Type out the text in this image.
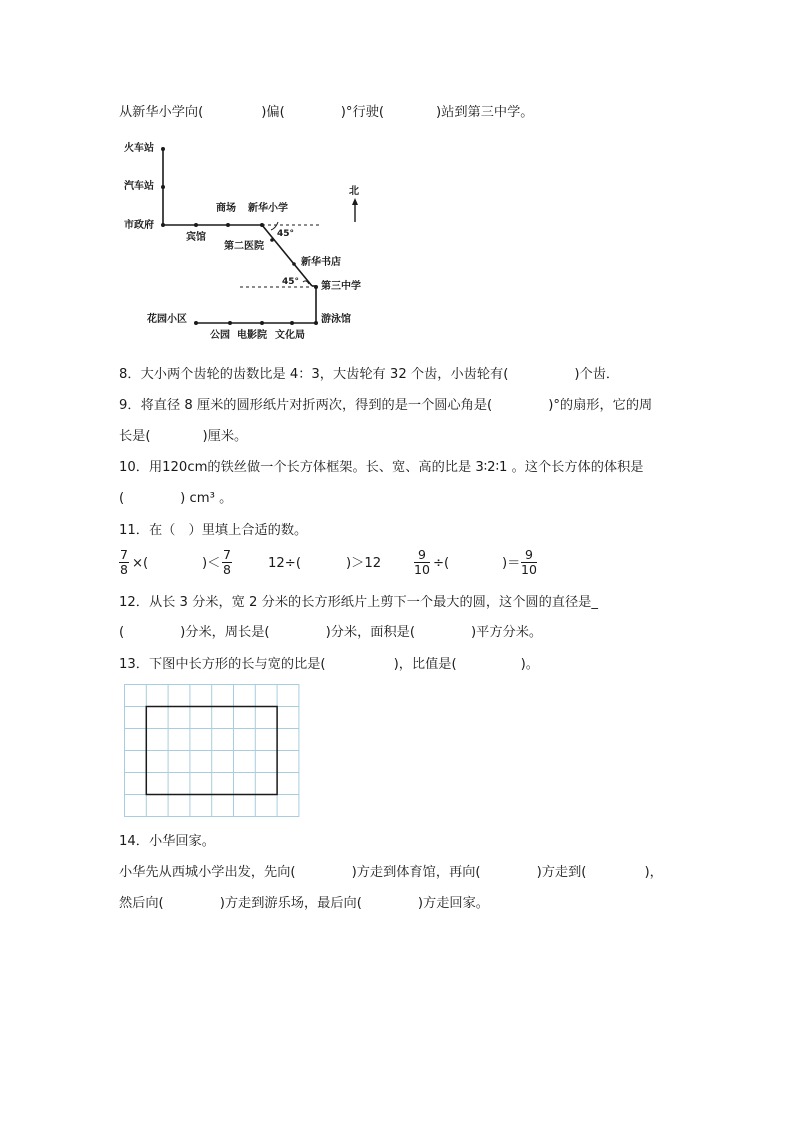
从新华小学向(	)偏(	)°行驶(	)站到第三中学。
火车站
汽车站
市政府
宾馆
商场 新华小学
第二医院
45°
新华书店
45° 第三中学
花园小区
公园 电影院 文化局
游泳馆
北
8．大小两个齿轮的齿数比是 4：3，大齿轮有 32 个齿，小齿轮有(	)个齿．
9．将直径 8 厘米的圆形纸片对折两次，得到的是一个圆心角是(	)°的扇形，它的周
长是(	)厘米。
10．用120cm的铁丝做一个长方体框架。长、宽、高的比是 3∶2∶1 。这个长方体的体积是
(	) cm³ 。
11．在（　）里填上合适的数。
$\frac{7}{8}$ ×(	)＜ $\frac{7}{8}$	12÷(	)＞12	$\frac{9}{10}$ ÷(	)＝ $\frac{9}{10}$
12．从长 3 分米，宽 2 分米的长方形纸片上剪下一个最大的圆，这个圆的直径是_
(	)分米，周长是(	)分米，面积是(	)平方分米。
13．下图中长方形的长与宽的比是(	)，比值是(	)。
14．小华回家。
小华先从西城小学出发，先向(	)方走到体育馆，再向(	)方走到(	)，
然后向(	)方走到游乐场，最后向(	)方走回家。
